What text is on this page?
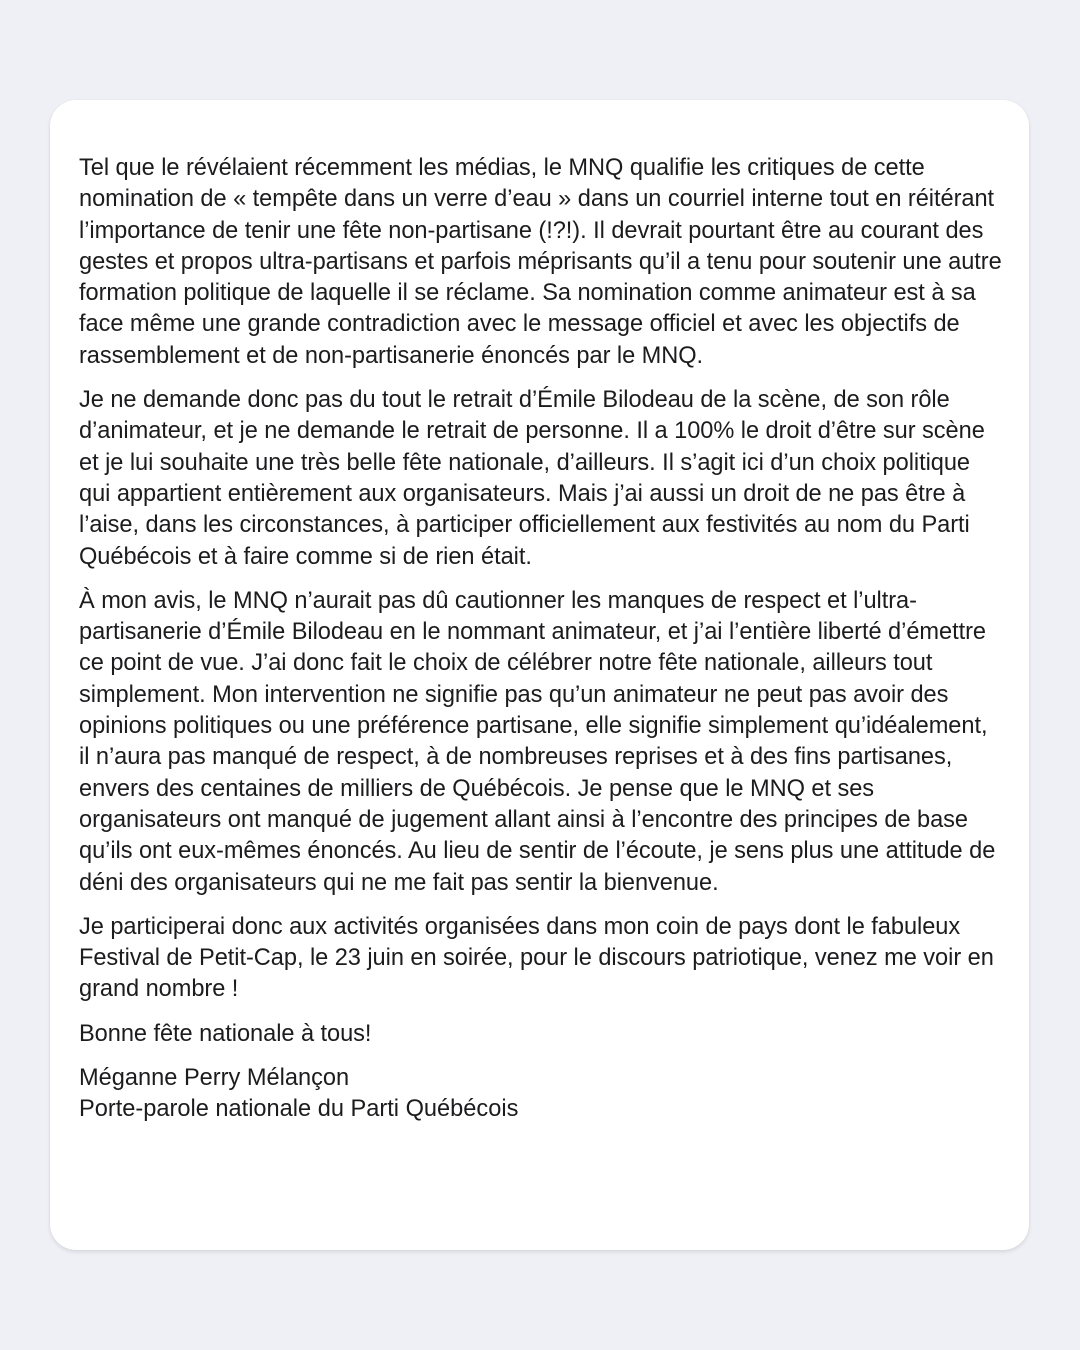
Tel que le révélaient récemment les médias, le MNQ qualifie les critiques de cette nomination de « tempête dans un verre d’eau » dans un courriel interne tout en réitérant l’importance de tenir une fête non-partisane (!?!). Il devrait pourtant être au courant des gestes et propos ultra-partisans et parfois méprisants qu’il a tenu pour soutenir une autre formation politique de laquelle il se réclame. Sa nomination comme animateur est à sa face même une grande contradiction avec le message officiel et avec les objectifs de rassemblement et de non-partisanerie énoncés par le MNQ.

Je ne demande donc pas du tout le retrait d’Émile Bilodeau de la scène, de son rôle d’animateur, et je ne demande le retrait de personne. Il a 100% le droit d’être sur scène et je lui souhaite une très belle fête nationale, d’ailleurs. Il s’agit ici d’un choix politique qui appartient entièrement aux organisateurs. Mais j’ai aussi un droit de ne pas être à l’aise, dans les circonstances, à participer officiellement aux festivités au nom du Parti Québécois et à faire comme si de rien était.

À mon avis, le MNQ n’aurait pas dû cautionner les manques de respect et l’ultra-partisanerie d’Émile Bilodeau en le nommant animateur, et j’ai l’entière liberté d’émettre ce point de vue. J’ai donc fait le choix de célébrer notre fête nationale, ailleurs tout simplement. Mon intervention ne signifie pas qu’un animateur ne peut pas avoir des opinions politiques ou une préférence partisane, elle signifie simplement qu’idéalement, il n’aura pas manqué de respect, à de nombreuses reprises et à des fins partisanes, envers des centaines de milliers de Québécois. Je pense que le MNQ et ses organisateurs ont manqué de jugement allant ainsi à l’encontre des principes de base qu’ils ont eux-mêmes énoncés. Au lieu de sentir de l’écoute, je sens plus une attitude de déni des organisateurs qui ne me fait pas sentir la bienvenue.

Je participerai donc aux activités organisées dans mon coin de pays dont le fabuleux Festival de Petit-Cap, le 23 juin en soirée, pour le discours patriotique, venez me voir en grand nombre !

Bonne fête nationale à tous!

Méganne Perry Mélançon
Porte-parole nationale du Parti Québécois
